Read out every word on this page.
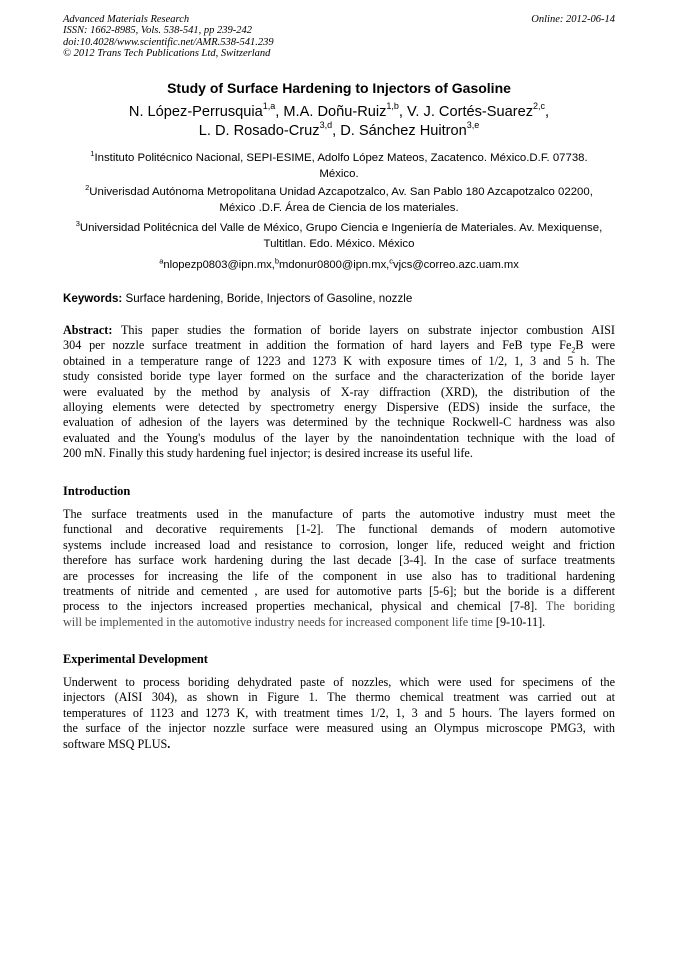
Advanced Materials Research
ISSN: 1662-8985, Vols. 538-541, pp 239-242
doi:10.4028/www.scientific.net/AMR.538-541.239
© 2012 Trans Tech Publications Ltd, Switzerland
Online: 2012-06-14
Study of Surface Hardening to Injectors of Gasoline
N. López-Perrusquia$^{1,a}$, M.A. Doñu-Ruiz$^{1,b}$, V. J. Cortés-Suarez$^{2,c}$,
L. D. Rosado-Cruz$^{3,d}$, D. Sánchez Huitron$^{3,e}$
$^1$Instituto Politécnico Nacional, SEPI-ESIME, Adolfo López Mateos, Zacatenco. México.D.F. 07738. México.
$^2$Univerisdad Autónoma Metropolitana Unidad Azcapotzalco, Av. San Pablo 180 Azcapotzalco 02200, México .D.F. Área de Ciencia de los materiales.
$^3$Universidad Politécnica del Valle de México, Grupo Ciencia e Ingeniería de Materiales. Av. Mexiquense, Tultitlan. Edo. México. México
$^a$nlopezp0803@ipn.mx,$^b$mdonur0800@ipn.mx,$^c$vjcs@correo.azc.uam.mx
Keywords: Surface hardening, Boride, Injectors of Gasoline, nozzle
Abstract: This paper studies the formation of boride layers on substrate injector combustion AISI
304 per nozzle surface treatment in addition the formation of hard layers and FeB type $Fe_2B$ were
obtained in a temperature range of 1223 and 1273 K with exposure times of 1/2, 1, 3 and 5 h. The
study consisted boride type layer formed on the surface and the characterization of the boride layer
were evaluated by the method by analysis of X-ray diffraction (XRD), the distribution of the
alloying elements were detected by spectrometry energy Dispersive (EDS) inside the surface, the
evaluation of adhesion of the layers was determined by the technique Rockwell-C hardness was also
evaluated and the Young's modulus of the layer by the nanoindentation technique with the load of
200 mN. Finally this study hardening fuel injector; is desired increase its useful life.
Introduction
The surface treatments used in the manufacture of parts the automotive industry must meet the
functional and decorative requirements [1-2]. The functional demands of modern automotive
systems include increased load and resistance to corrosion, longer life, reduced weight and friction
therefore has surface work hardening during the last decade [3-4]. In the case of surface treatments
are processes for increasing the life of the component in use also has to traditional hardening
treatments of nitride and cemented , are used for automotive parts [5-6]; but the boride is a different
process to the injectors increased properties mechanical, physical and chemical [7-8]. The boriding
will be implemented in the automotive industry needs for increased component life time [9-10-11].
Experimental Development
Underwent to process boriding dehydrated paste of nozzles, which were used for specimens of the
injectors (AISI 304), as shown in Figure 1. The thermo chemical treatment was carried out at
temperatures of 1123 and 1273 K, with treatment times 1/2, 1, 3 and 5 hours. The layers formed on
the surface of the injector nozzle surface were measured using an Olympus microscope PMG3, with
software MSQ PLUS.
